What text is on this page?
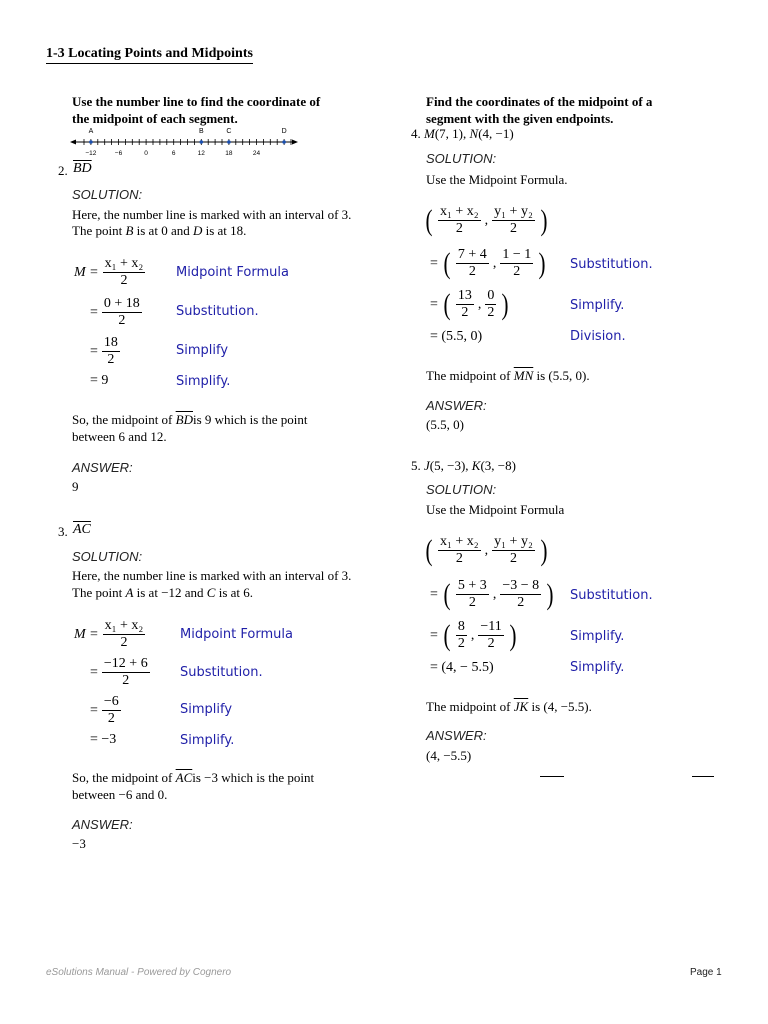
1-3 Locating Points and Midpoints
Use the number line to find the coordinate of
the midpoint of each segment.
−12	−6	0	6	12	18	24
A	B	C	D
Find the coordinates of the midpoint of a
segment with the given endpoints.
2. $\overline{BD}$
SOLUTION:
Here, the number line is marked with an interval of 3.
The point B is at 0 and D is at 18.
$M = \frac{\text{x₁ + x₂}}{2}$ Midpoint Formula
= $\frac{0 + 18}{2}$	Substitution.
= $\frac{18}{2}$	Simplify
= 9	Simplify.
So, the midpoint of $\overline{BD}is$ 9 which is the point
between 6 and 12.
ANSWER:
9
3. $\overline{AC}$
SOLUTION:
Here, the number line is marked with an interval of 3.
The point A is at −12 and C is at 6.
$M = \frac{\text{x₁ + x₂}}{2}$	Midpoint Formula
= $\frac{-12 + 6}{2}$ Substitution.
= $\frac{-6}{2}$	Simplify
= −3	Simplify.
So, the midpoint of $\overline{AC}is -3$ which is the point
between −6 and 0.
ANSWER:
−3
4. M(7, 1), N(4, −1)
SOLUTION:
Use the Midpoint Formula.
( $\frac{\text{x₁ + x₂}}{2}$ , $\frac{\text{y₁ + y₂}}{2}$ )
= ( $\frac{7 + 4}{2}$ , $\frac{1 - 1}{2}$ ) Substitution.
= ( $\frac{13}{2}$ , $\frac{0}{2}$ )	Simplify.
= (5.5, 0)	Division.
The midpoint of $\overline{MN}$ is (5.5, 0).
ANSWER:
(5.5, 0)
5. J(5, −3), K(3, −8)
SOLUTION:
Use the Midpoint Formula
( $\frac{\text{x₁ + x₂}}{2}$ , $\frac{\text{y₁ + y₂}}{2}$ )
= ( $\frac{5 + 3}{2}$ , $\frac{-3 - 8}{2}$ ) Substitution.
= ( $\frac{8}{2}$ , $\frac{-11}{2}$ )	Simplify.
= (4, − 5.5)	Simplify.
The midpoint of $\overline{JK}$ is (4, −5.5).
ANSWER:
(4, −5.5)
eSolutions Manual - Powered by Cognero	Page 1
